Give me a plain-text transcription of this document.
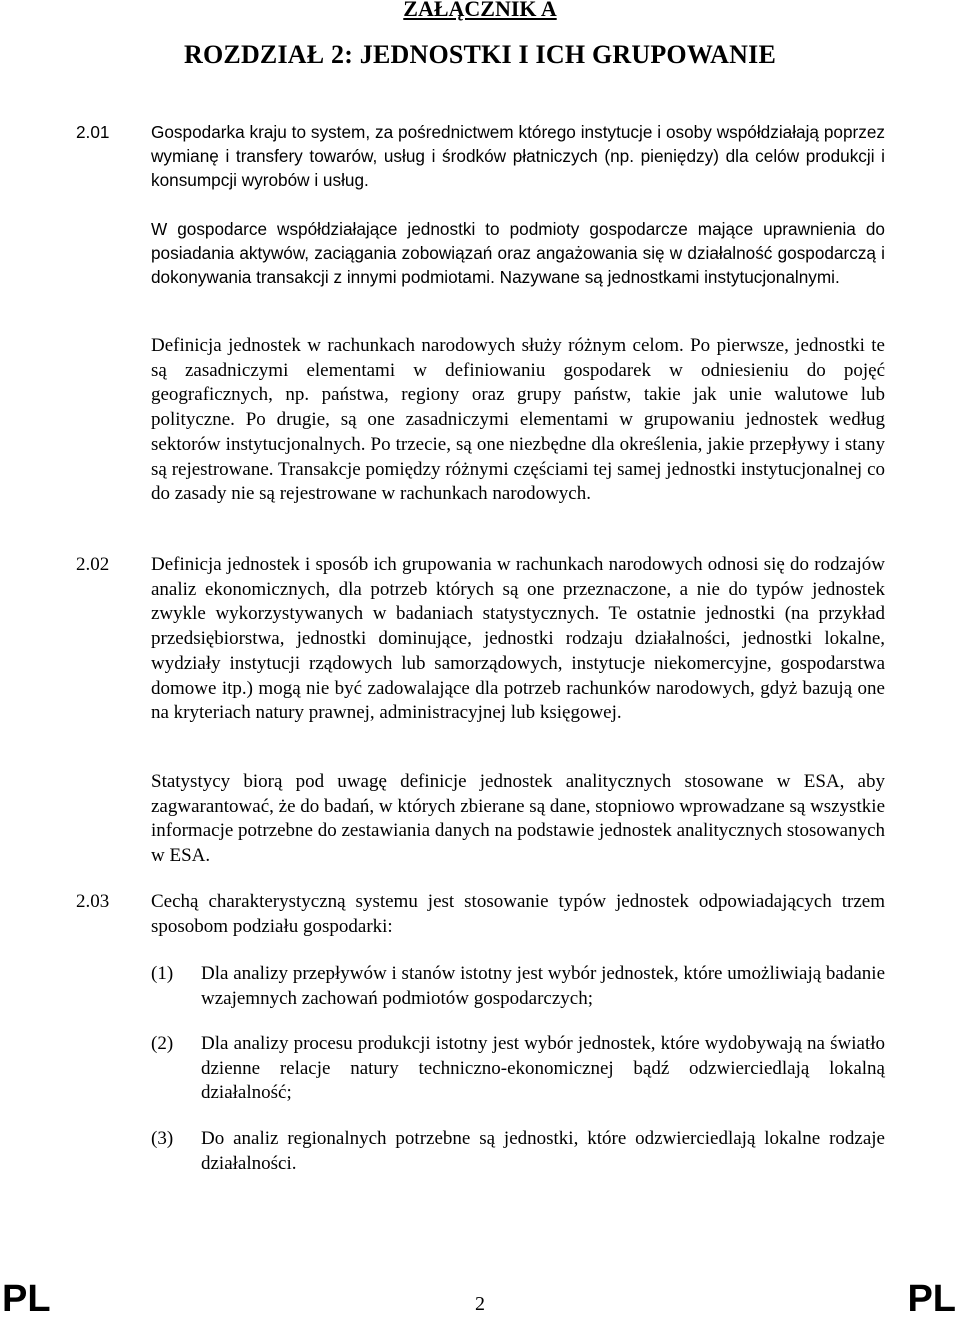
ZAŁĄCZNIK A
ROZDZIAŁ 2: JEDNOSTKI I ICH GRUPOWANIE
2.01	Gospodarka kraju to system, za pośrednictwem którego instytucje i osoby współdziałają poprzez wymianę i transfery towarów, usług i środków płatniczych (np. pieniędzy) dla celów produkcji i konsumpcji wyrobów i usług.

W gospodarce współdziałające jednostki to podmioty gospodarcze mające uprawnienia do posiadania aktywów, zaciągania zobowiązań oraz angażowania się w działalność gospodarczą i dokonywania transakcji z innymi podmiotami. Nazywane są jednostkami instytucjonalnymi.

Definicja jednostek w rachunkach narodowych służy różnym celom. Po pierwsze, jednostki te są zasadniczymi elementami w definiowaniu gospodarek w odniesieniu do pojęć geograficznych, np. państwa, regiony oraz grupy państw, takie jak unie walutowe lub polityczne. Po drugie, są one zasadniczymi elementami w grupowaniu jednostek według sektorów instytucjonalnych. Po trzecie, są one niezbędne dla określenia, jakie przepływy i stany są rejestrowane. Transakcje pomiędzy różnymi częściami tej samej jednostki instytucjonalnej co do zasady nie są rejestrowane w rachunkach narodowych.

2.02	Definicja jednostek i sposób ich grupowania w rachunkach narodowych odnosi się do rodzajów analiz ekonomicznych, dla potrzeb których są one przeznaczone, a nie do typów jednostek zwykle wykorzystywanych w badaniach statystycznych. Te ostatnie jednostki (na przykład przedsiębiorstwa, jednostki dominujące, jednostki rodzaju działalności, jednostki lokalne, wydziały instytucji rządowych lub samorządowych, instytucje niekomercyjne, gospodarstwa domowe itp.) mogą nie być zadowalające dla potrzeb rachunków narodowych, gdyż bazują one na kryteriach natury prawnej, administracyjnej lub księgowej.

Statystycy biorą pod uwagę definicje jednostek analitycznych stosowane w ESA, aby zagwarantować, że do badań, w których zbierane są dane, stopniowo wprowadzane są wszystkie informacje potrzebne do zestawiania danych na podstawie jednostek analitycznych stosowanych w ESA.

2.03	Cechą charakterystyczną systemu jest stosowanie typów jednostek odpowiadających trzem sposobom podziału gospodarki:

(1) Dla analizy przepływów i stanów istotny jest wybór jednostek, które umożliwiają badanie wzajemnych zachowań podmiotów gospodarczych;

(2) Dla analizy procesu produkcji istotny jest wybór jednostek, które wydobywają na światło dzienne relacje natury techniczno-ekonomicznej bądź odzwierciedlają lokalną działalność;

(3) Do analiz regionalnych potrzebne są jednostki, które odzwierciedlają lokalne rodzaje działalności.

PL	2	PL
